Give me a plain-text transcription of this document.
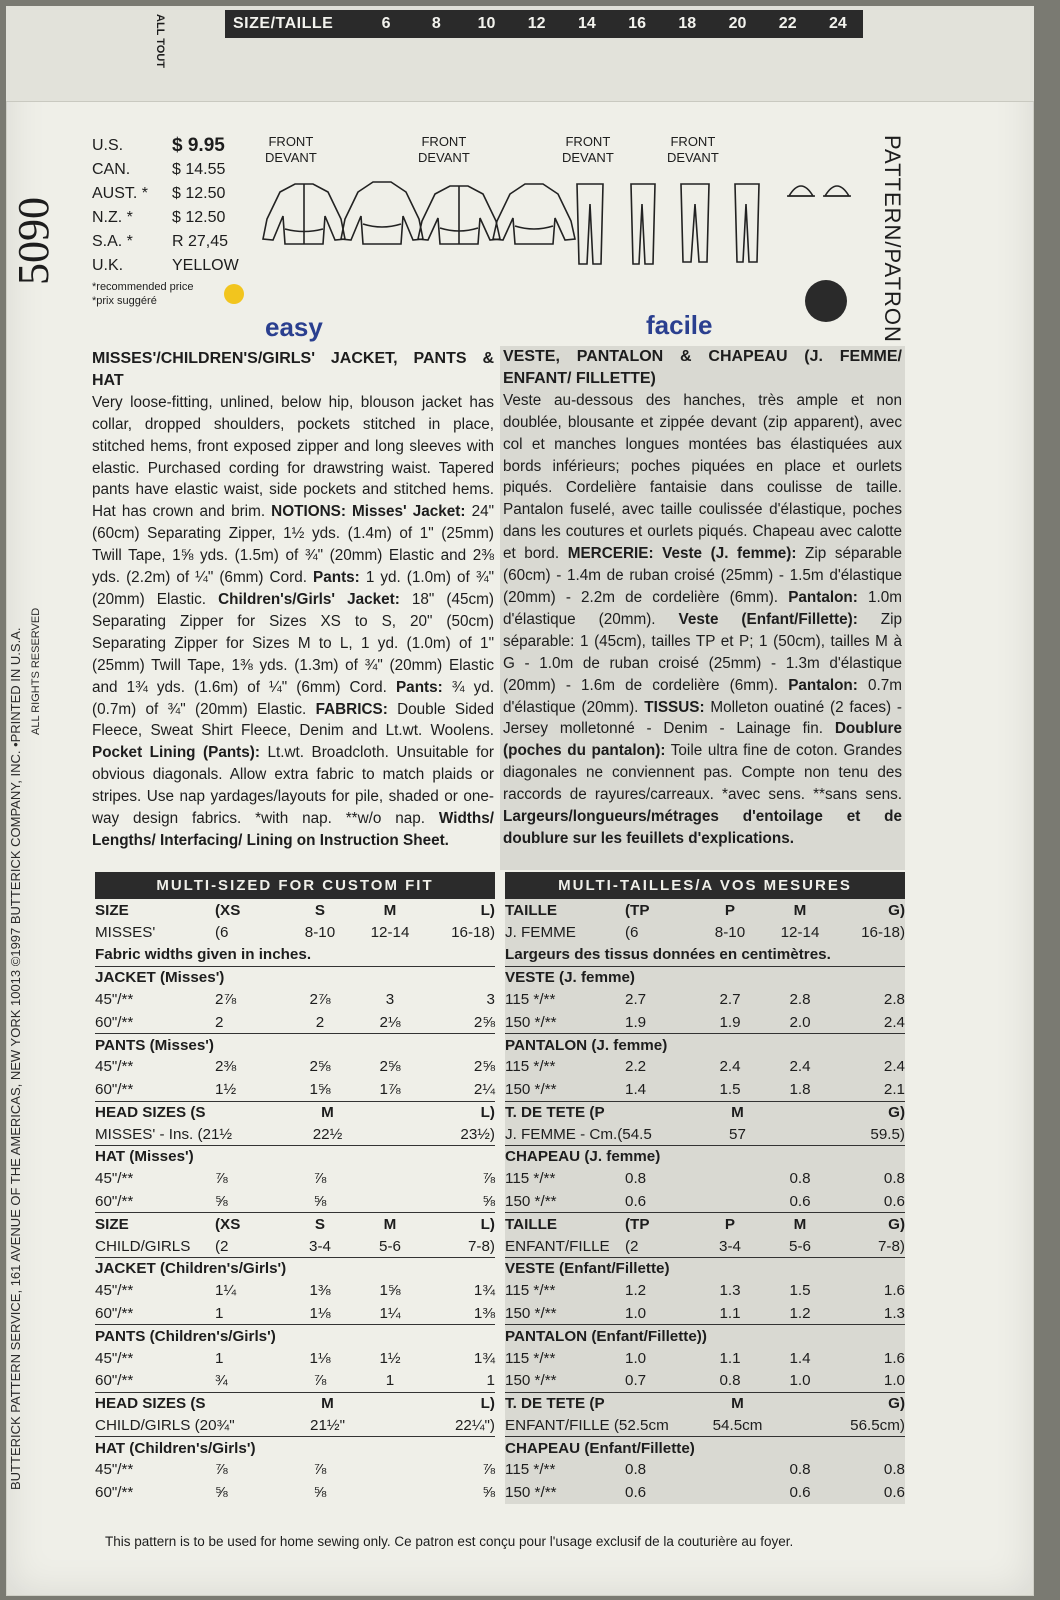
ALL TOUT	SIZE/TAILLE	6	8	10	12	14	16	18	20	22	24
5090
BUTTERICK PATTERN SERVICE, 161 AVENUE OF THE AMERICAS, NEW YORK 10013 ©1997 BUTTERICK COMPANY, INC. •PRINTED IN U.S.A. ALL RIGHTS RESERVED
PATTERN/PATRON
U.S.	$ 9.95
CAN.	$ 14.55
AUST. *	$ 12.50
N.Z. *	$ 12.50
S.A. *	R 27,45
U.K.	YELLOW
*recommended price
*prix suggéré
FRONT
DEVANT
FRONT
DEVANT
FRONT
DEVANT
FRONT
DEVANT
easy	facile
MISSES'/CHILDREN'S/GIRLS' JACKET, PANTS & HAT
Very loose-fitting, unlined, below hip, blouson jacket has collar, dropped shoulders, pockets stitched in place, stitched hems, front exposed zipper and long sleeves with elastic. Purchased cording for drawstring waist. Tapered pants have elastic waist, side pockets and stitched hems. Hat has crown and brim. NOTIONS: Misses' Jacket: 24" (60cm) Separating Zipper, 1½ yds. (1.4m) of 1" (25mm) Twill Tape, 1⅝ yds. (1.5m) of ¾" (20mm) Elastic and 2⅜ yds. (2.2m) of ¼" (6mm) Cord. Pants: 1 yd. (1.0m) of ¾" (20mm) Elastic. Children's/Girls' Jacket: 18" (45cm) Separating Zipper for Sizes XS to S, 20" (50cm) Separating Zipper for Sizes M to L, 1 yd. (1.0m) of 1" (25mm) Twill Tape, 1⅜ yds. (1.3m) of ¾" (20mm) Elastic and 1¾ yds. (1.6m) of ¼" (6mm) Cord. Pants: ¾ yd. (0.7m) of ¾" (20mm) Elastic. FABRICS: Double Sided Fleece, Sweat Shirt Fleece, Denim and Lt.wt. Woolens. Pocket Lining (Pants): Lt.wt. Broadcloth. Unsuitable for obvious diagonals. Allow extra fabric to match plaids or stripes. Use nap yardages/layouts for pile, shaded or one-way design fabrics. *with nap. **w/o nap. Widths/ Lengths/ Interfacing/ Lining on Instruction Sheet.
VESTE, PANTALON & CHAPEAU (J. FEMME/ ENFANT/ FILLETTE)
Veste au-dessous des hanches, très ample et non doublée, blousante et zippée devant (zip apparent), avec col et manches longues montées bas élastiquées aux bords inférieurs; poches piquées en place et ourlets piqués. Cordelière fantaisie dans coulisse de taille. Pantalon fuselé, avec taille coulissée d'élastique, poches dans les coutures et ourlets piqués. Chapeau avec calotte et bord. MERCERIE: Veste (J. femme): Zip séparable (60cm) - 1.4m de ruban croisé (25mm) - 1.5m d'élastique (20mm) - 2.2m de cordelière (6mm). Pantalon: 1.0m d'élastique (20mm). Veste (Enfant/Fillette): Zip séparable: 1 (45cm), tailles TP et P; 1 (50cm), tailles M à G - 1.0m de ruban croisé (25mm) - 1.3m d'élastique (20mm) - 1.6m de cordelière (6mm). Pantalon: 0.7m d'élastique (20mm). TISSUS: Molleton ouatiné (2 faces) - Jersey molletonné - Denim - Lainage fin. Doublure (poches du pantalon): Toile ultra fine de coton. Grandes diagonales ne conviennent pas. Compte non tenu des raccords de rayures/carreaux. *avec sens. **sans sens. Largeurs/longueurs/métrages d'entoilage et de doublure sur les feuillets d'explications.
MULTI-SIZED FOR CUSTOM FIT
SIZE	(XS	S	M	L)
MISSES'	(6	8-10	12-14	16-18)
Fabric widths given in inches.
JACKET (Misses')
45"/**	2⅞	2⅞	3	3
60"/**	2	2	2⅛	2⅝
PANTS (Misses')
45"/**	2⅜	2⅝	2⅝	2⅝
60"/**	1½	1⅝	1⅞	2¼
HEAD SIZES (S	M	L)
MISSES' - Ins. (21½	22½	23½)
HAT (Misses')
45"/**	⅞	⅞	⅞
60"/**	⅝	⅝	⅝
SIZE	(XS	S	M	L)
CHILD/GIRLS	(2	3-4	5-6	7-8)
JACKET (Children's/Girls')
45"/**	1¼	1⅜	1⅝	1¾
60"/**	1	1⅛	1¼	1⅜
PANTS (Children's/Girls')
45"/**	1	1⅛	1½	1¾
60"/**	¾	⅞	1	1
HEAD SIZES (S	M	L)
CHILD/GIRLS (20¾"	21½"	22¼")
HAT (Children's/Girls')
45"/**	⅞	⅞	⅞
60"/**	⅝	⅝	⅝
MULTI-TAILLES/A VOS MESURES
TAILLE	(TP	P	M	G)
J. FEMME	(6	8-10	12-14	16-18)
Largeurs des tissus données en centimètres.
VESTE (J. femme)
115 */**	2.7	2.7	2.8	2.8
150 */**	1.9	1.9	2.0	2.4
PANTALON (J. femme)
115 */**	2.2	2.4	2.4	2.4
150 */**	1.4	1.5	1.8	2.1
T. DE TETE (P	M	G)
J. FEMME - Cm.(54.5	57	59.5)
CHAPEAU (J. femme)
115 */**	0.8	0.8	0.8
150 */**	0.6	0.6	0.6
TAILLE	(TP	P	M	G)
ENFANT/FILLE	(2	3-4	5-6	7-8)
VESTE (Enfant/Fillette)
115 */**	1.2	1.3	1.5	1.6
150 */**	1.0	1.1	1.2	1.3
PANTALON (Enfant/Fillette))
115 */**	1.0	1.1	1.4	1.6
150 */**	0.7	0.8	1.0	1.0
T. DE TETE (P	M	G)
ENFANT/FILLE (52.5cm	54.5cm	56.5cm)
CHAPEAU (Enfant/Fillette)
115 */**	0.8	0.8	0.8
150 */**	0.6	0.6	0.6
This pattern is to be used for home sewing only. Ce patron est conçu pour l'usage exclusif de la couturière au foyer.
